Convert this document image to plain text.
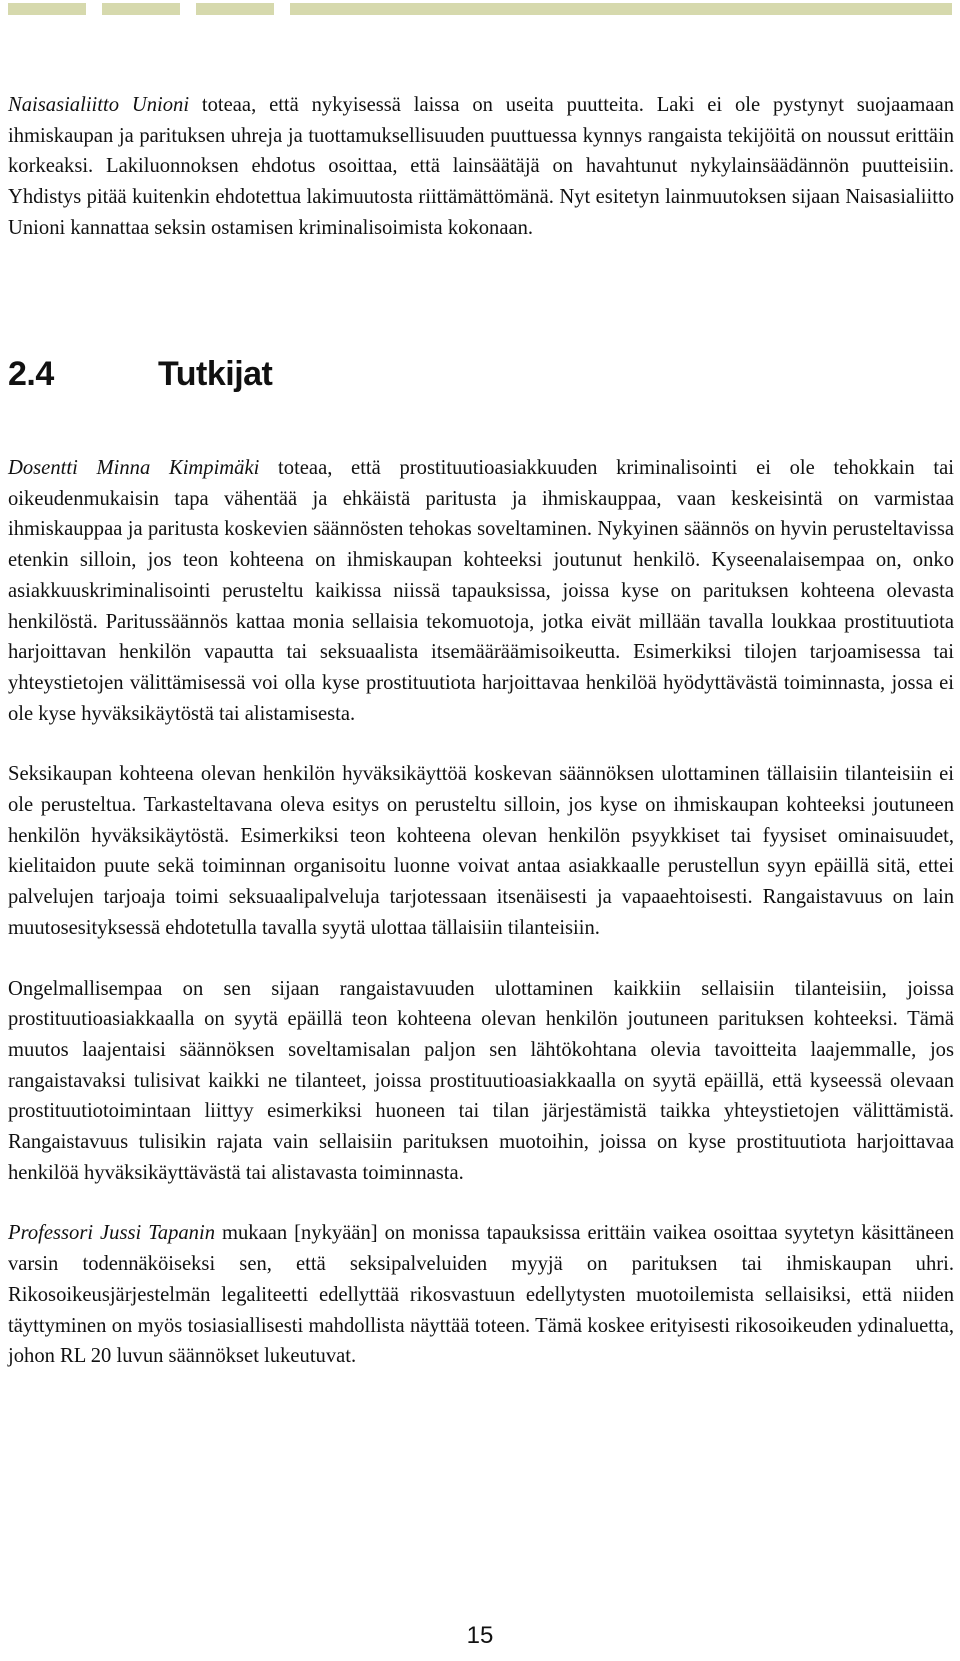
Naisasialiitto Unioni toteaa, että nykyisessä laissa on useita puutteita. Laki ei ole pystynyt suojaamaan ihmiskaupan ja parituksen uhreja ja tuottamuksellisuuden puuttuessa kynnys rangaista tekijöitä on noussut erittäin korkeaksi. Lakiluonnoksen ehdotus osoittaa, että lainsäätäjä on havahtunut nykylainsäädännön puutteisiin. Yhdistys pitää kuitenkin ehdotettua lakimuutosta riittämättömänä. Nyt esitetyn lainmuutoksen sijaan Naisasialiitto Unioni kannattaa seksin ostamisen kriminalisoimista kokonaan.

2.4	Tutkijat

Dosentti Minna Kimpimäki toteaa, että prostituutioasiakkuuden kriminalisointi ei ole tehokkain tai oikeudenmukaisin tapa vähentää ja ehkäistä paritusta ja ihmiskauppaa, vaan keskeisintä on varmistaa ihmiskauppaa ja paritusta koskevien säännösten tehokas soveltaminen. Nykyinen säännös on hyvin perusteltavissa etenkin silloin, jos teon kohteena on ihmiskaupan kohteeksi joutunut henkilö. Kyseenalaisempaa on, onko asiakkuuskriminalisointi perusteltu kaikissa niissä tapauksissa, joissa kyse on parituksen kohteena olevasta henkilöstä. Paritussäännös kattaa monia sellaisia tekomuotoja, jotka eivät millään tavalla loukkaa prostituutiota harjoittavan henkilön vapautta tai seksuaalista itsemääräämisoikeutta. Esimerkiksi tilojen tarjoamisessa tai yhteystietojen välittämisessä voi olla kyse prostituutiota harjoittavaa henkilöä hyödyttävästä toiminnasta, jossa ei ole kyse hyväksikäytöstä tai alistamisesta.

Seksikaupan kohteena olevan henkilön hyväksikäyttöä koskevan säännöksen ulottaminen tällaisiin tilanteisiin ei ole perusteltua. Tarkasteltavana oleva esitys on perusteltu silloin, jos kyse on ihmiskaupan kohteeksi joutuneen henkilön hyväksikäytöstä. Esimerkiksi teon kohteena olevan henkilön psyykkiset tai fyysiset ominaisuudet, kielitaidon puute sekä toiminnan organisoitu luonne voivat antaa asiakkaalle perustellun syyn epäillä sitä, ettei palvelujen tarjoaja toimi seksuaalipalveluja tarjotessaan itsenäisesti ja vapaaehtoisesti. Rangaistavuus on lain muutosesityksessä ehdotetulla tavalla syytä ulottaa tällaisiin tilanteisiin.

Ongelmallisempaa on sen sijaan rangaistavuuden ulottaminen kaikkiin sellaisiin tilanteisiin, joissa prostituutioasiakkaalla on syytä epäillä teon kohteena olevan henkilön joutuneen parituksen kohteeksi. Tämä muutos laajentaisi säännöksen soveltamisalan paljon sen lähtökohtana olevia tavoitteita laajemmalle, jos rangaistavaksi tulisivat kaikki ne tilanteet, joissa prostituutioasiakkaalla on syytä epäillä, että kyseessä olevaan prostituutiotoimintaan liittyy esimerkiksi huoneen tai tilan järjestämistä taikka yhteystietojen välittämistä. Rangaistavuus tulisikin rajata vain sellaisiin parituksen muotoihin, joissa on kyse prostituutiota harjoittavaa henkilöä hyväksikäyttävästä tai alistavasta toiminnasta.

Professori Jussi Tapanin mukaan [nykyään] on monissa tapauksissa erittäin vaikea osoittaa syytetyn käsittäneen varsin todennäköiseksi sen, että seksipalveluiden myyjä on parituksen tai ihmiskaupan uhri. Rikosoikeusjärjestelmän legaliteetti edellyttää rikosvastuun edellytysten muotoilemista sellaisiksi, että niiden täyttyminen on myös tosiasiallisesti mahdollista näyttää toteen. Tämä koskee erityisesti rikosoikeuden ydinaluetta, johon RL 20 luvun säännökset lukeutuvat.

15
